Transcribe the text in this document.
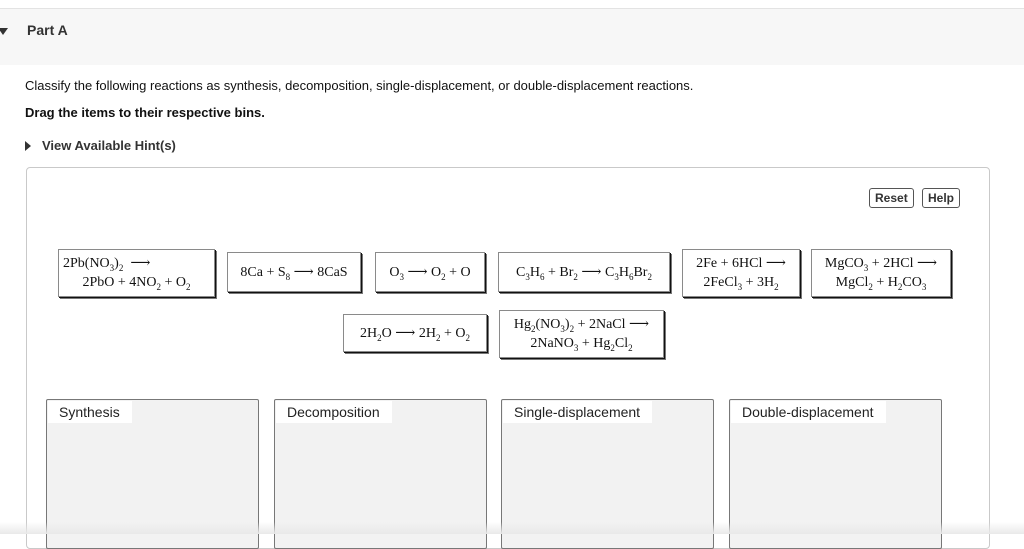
Part A
Classify the following reactions as synthesis, decomposition, single-displacement, or double-displacement reactions.
Drag the items to their respective bins.
View Available Hint(s)
Reset	Help
$2Pb(NO_3)_2$  ⟶
$2PbO + 4NO_2 + O_2$
$8Ca + S_8$ ⟶ 8CaS	$O_3$ ⟶ $O_2 + O$	$C_3H_6 + Br_2$ ⟶ $C_3H_6Br_2$
2Fe + 6HCl ⟶
2FeCl$_3$ + $3H_2$
MgCO$_3$ + 2HCl ⟶
MgCl$_2$ + $H_2CO_3$
$2H_2O$ ⟶ $2H_2 + O_2$
$Hg_2(NO_3)_2$ + 2NaCl ⟶
2NaNO$_3$ + $Hg_2Cl_2$
Synthesis	Decomposition	Single-displacement	Double-displacement
